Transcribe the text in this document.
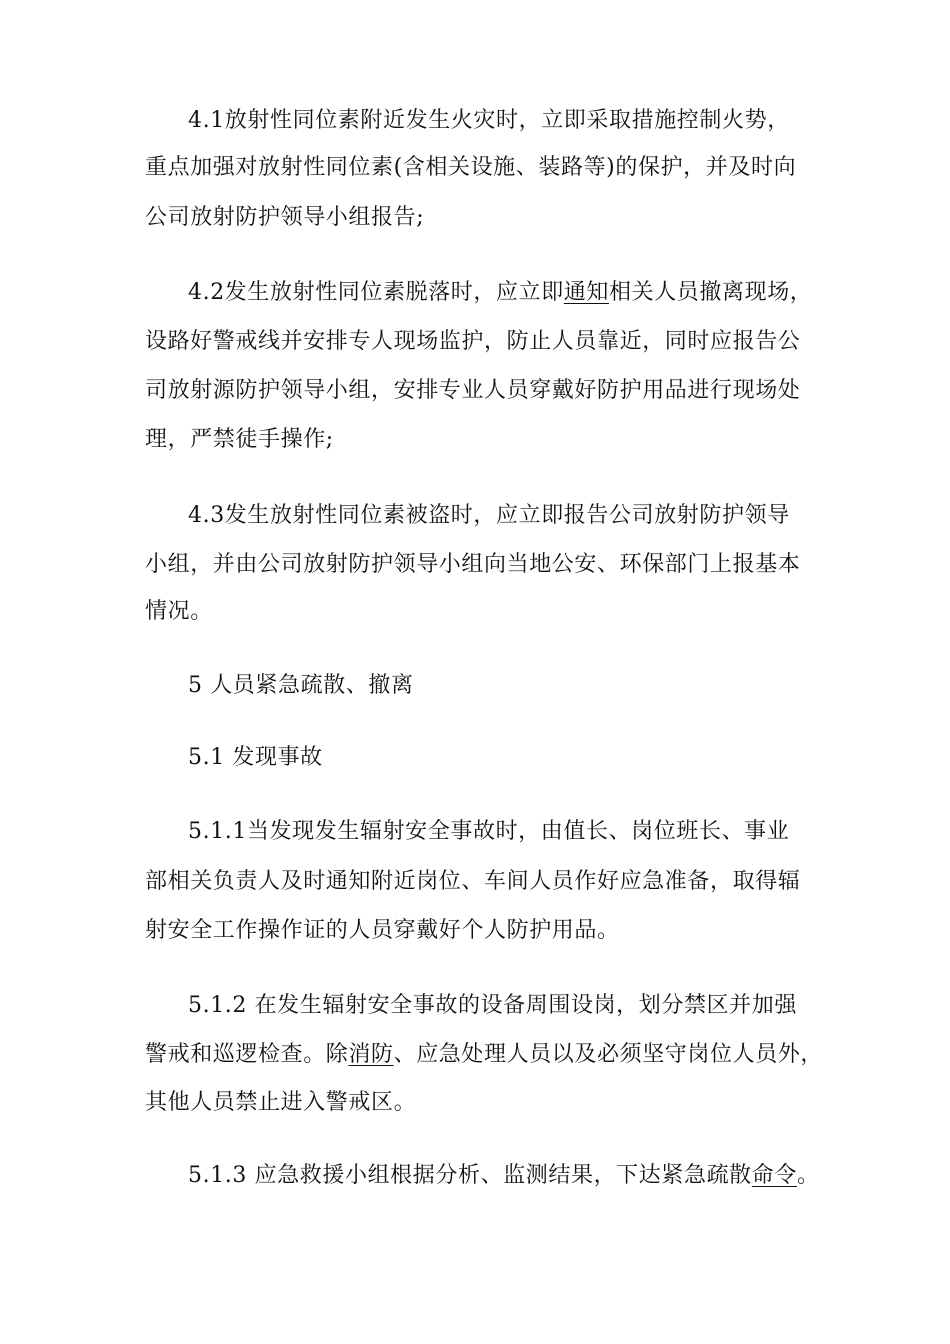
4.1放射性同位素附近发生火灾时，立即采取措施控制火势，
重点加强对放射性同位素(含相关设施、装路等)的保护，并及时向
公司放射防护领导小组报告;
4.2发生放射性同位素脱落时，应立即通知相关人员撤离现场，
设路好警戒线并安排专人现场监护，防止人员靠近，同时应报告公
司放射源防护领导小组，安排专业人员穿戴好防护用品进行现场处
理，严禁徒手操作;
4.3发生放射性同位素被盗时，应立即报告公司放射防护领导
小组，并由公司放射防护领导小组向当地公安、环保部门上报基本
情况。
5 人员紧急疏散、撤离
5.1 发现事故
5.1.1当发现发生辐射安全事故时，由值长、岗位班长、事业
部相关负责人及时通知附近岗位、车间人员作好应急准备，取得辐
射安全工作操作证的人员穿戴好个人防护用品。
5.1.2 在发生辐射安全事故的设备周围设岗，划分禁区并加强
警戒和巡逻检查。除消防、应急处理人员以及必须坚守岗位人员外，
其他人员禁止进入警戒区。
5.1.3 应急救援小组根据分析、监测结果，下达紧急疏散命令。
